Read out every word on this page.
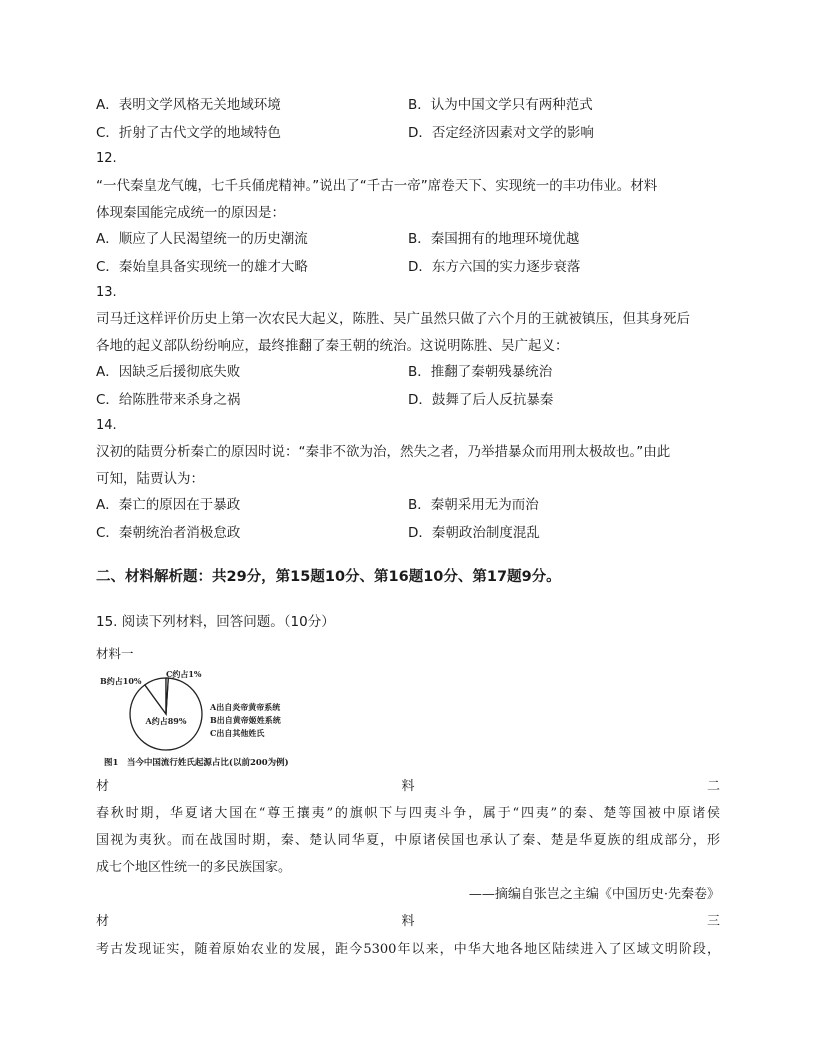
A．表明文学风格无关地域环境	B．认为中国文学只有两种范式
C．折射了古代文学的地域特色	D．否定经济因素对文学的影响
12.
“一代秦皇龙气魄，七千兵俑虎精神。”说出了“千古一帝”席卷天下、实现统一的丰功伟业。材料
体现秦国能完成统一的原因是：
A．顺应了人民渴望统一的历史潮流	B．秦国拥有的地理环境优越
C．秦始皇具备实现统一的雄才大略	D．东方六国的实力逐步衰落
13.
司马迁这样评价历史上第一次农民大起义，陈胜、吴广虽然只做了六个月的王就被镇压，但其身死后
各地的起义部队纷纷响应，最终推翻了秦王朝的统治。这说明陈胜、吴广起义：
A．因缺乏后援彻底失败	B．推翻了秦朝残暴统治
C．给陈胜带来杀身之祸	D．鼓舞了后人反抗暴秦
14.
汉初的陆贾分析秦亡的原因时说：“秦非不欲为治，然失之者，乃举措暴众而用刑太极故也。”由此
可知，陆贾认为：
A．秦亡的原因在于暴政	B．秦朝采用无为而治
C．秦朝统治者消极怠政	D．秦朝政治制度混乱
二、材料解析题：共29分，第15题10分、第16题10分、第17题9分。
15. 阅读下列材料，回答问题。（10分）
材料一
A约占89%
B约占10%
C约占1%
A出自炎帝黄帝系统
B出自黄帝姬姓系统
C出自其他姓氏
图1　当今中国流行姓氏起源占比(以前200为例)
材	料	二
春秋时期，华夏诸大国在“尊王攘夷”的旗帜下与四夷斗争，属于“四夷”的秦、楚等国被中原诸侯
国视为夷狄。而在战国时期，秦、楚认同华夏，中原诸侯国也承认了秦、楚是华夏族的组成部分，形
成七个地区性统一的多民族国家。
——摘编自张岂之主编《中国历史·先秦卷》
材	料	三
考古发现证实，随着原始农业的发展，距今5300年以来，中华大地各地区陆续进入了区域文明阶段，
